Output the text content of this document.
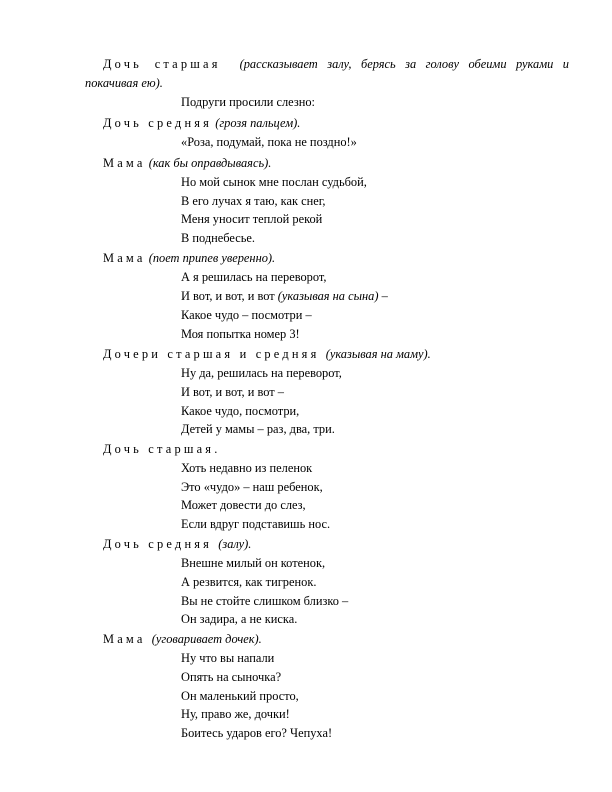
Дочь старшая (рассказывает залу, берясь за голову обеими руками и
покачивая ею).
Подруги просили слезно:
Дочь средняя (грозя пальцем).
«Роза, подумай, пока не поздно!»
Мама (как бы оправдываясь).
Но мой сынок мне послан судьбой,
В его лучах я таю, как снег,
Меня уносит теплой рекой
В поднебесье.
Мама (поет припев уверенно).
А я решилась на переворот,
И вот, и вот, и вот (указывая на сына) –
Какое чудо – посмотри –
Моя попытка номер 3!
Дочери старшая и средняя (указывая на маму).
Ну да, решилась на переворот,
И вот, и вот, и вот –
Какое чудо, посмотри,
Детей у мамы – раз, два, три.
Дочь старшая.
Хоть недавно из пеленок
Это «чудо» – наш ребенок,
Может довести до слез,
Если вдруг подставишь нос.
Дочь средняя (залу).
Внешне милый он котенок,
А резвится, как тигренок.
Вы не стойте слишком близко –
Он задира, а не киска.
Мама (уговаривает дочек).
Ну что вы напали
Опять на сыночка?
Он маленький просто,
Ну, право же, дочки!
Боитесь ударов его? Чепуха!
